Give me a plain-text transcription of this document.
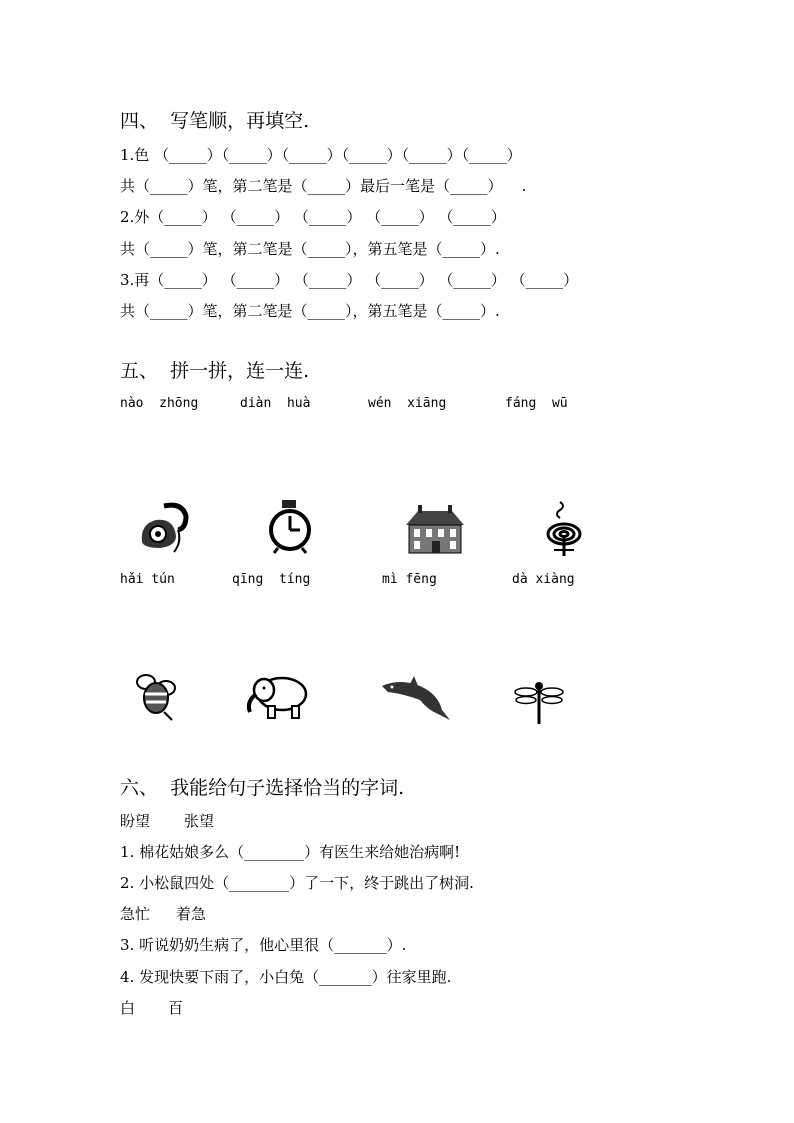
四、  写笔顺，再填空.
1.色 （_____）（_____）（_____）（_____）（_____）（_____）
共（_____）笔，第二笔是（_____）最后一笔是（_____）    .
2.外（_____） （_____） （_____） （_____） （_____）
共（_____）笔，第二笔是（_____），第五笔是（_____）.
3.再（_____） （_____） （_____） （_____） （_____） （_____）
共（_____）笔，第二笔是（_____），第五笔是（_____）.
五、  拼一拼，连一连.
nào  zhōng	diàn  huà	wén  xiāng	fáng  wū
hǎi tún	qīng  tíng	mì fēng	dà xiàng
六、  我能给句子选择恰当的字词.
盼望 张望
1. 棉花姑娘多么（________）有医生来给她治病啊!
2. 小松鼠四处（________）了一下，终于跳出了树洞.
急忙 着急
3. 听说奶奶生病了，他心里很（_______）.
4. 发现快要下雨了，小白兔（_______）往家里跑.
白 百
